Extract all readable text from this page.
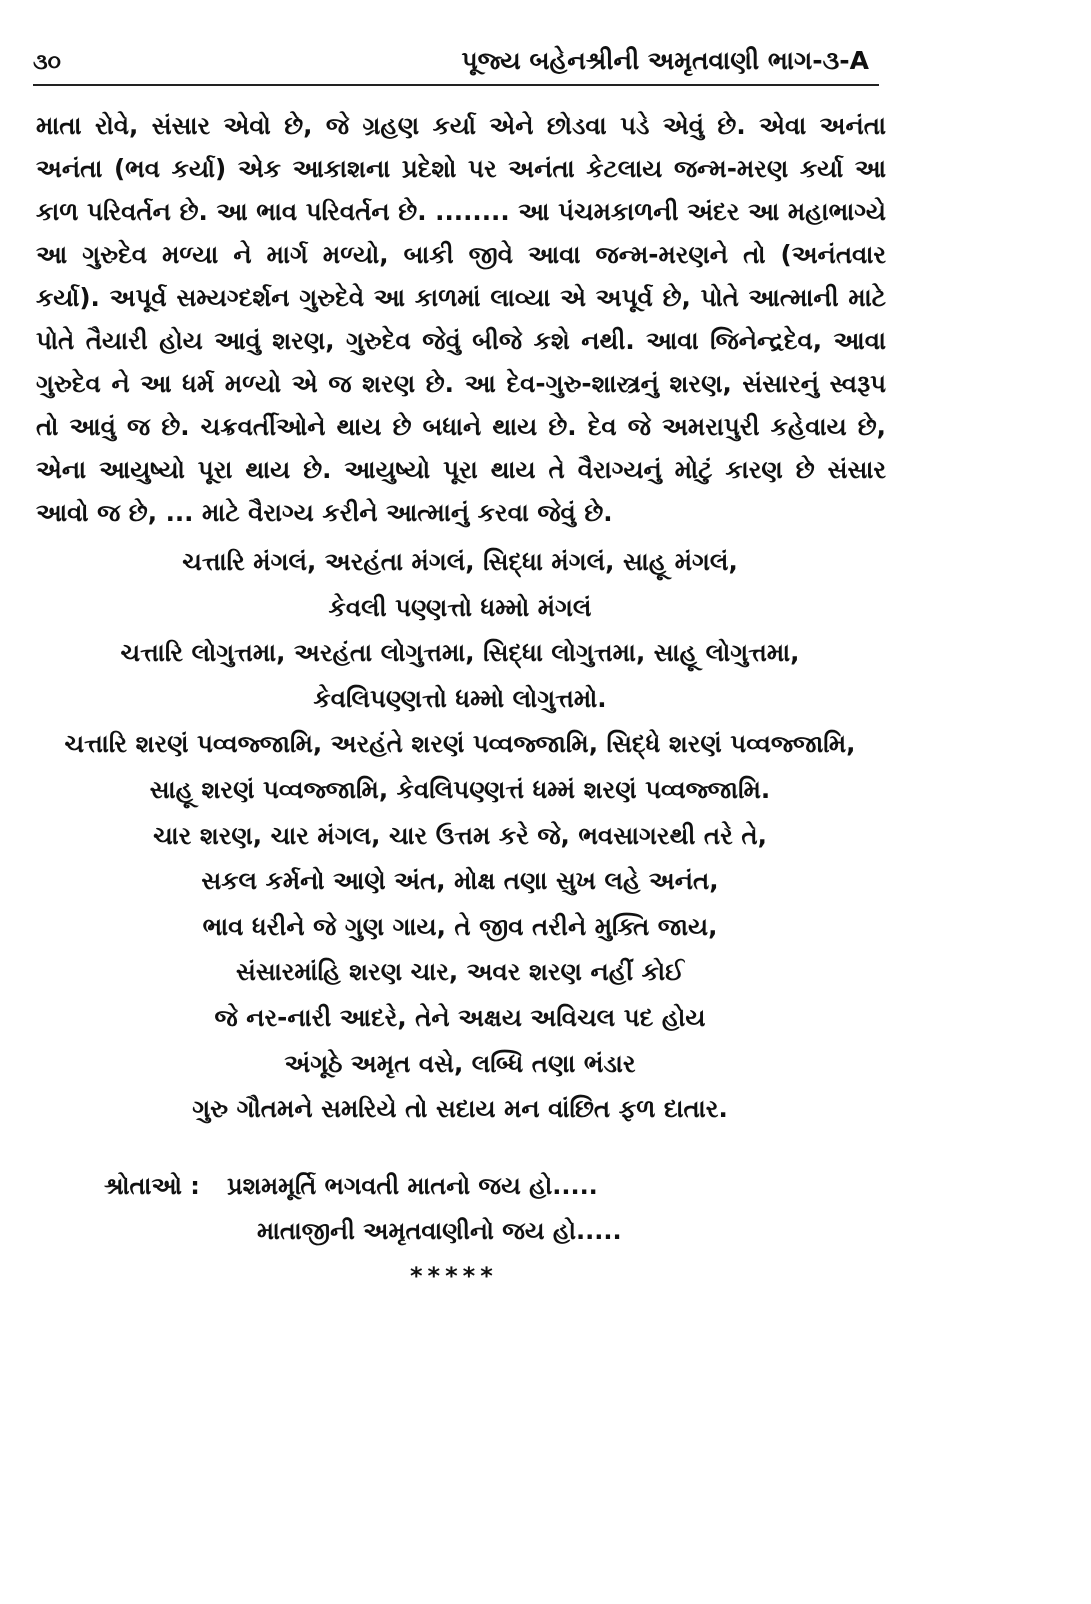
૩૦	પૂજ્ય બહેનશ્રીની અમૃતવાણી ભાગ-૩-A

માતા રોવે, સંસાર એવો છે, જે ગ્રહણ કર્યા એને છોડવા પડે એવું છે. એવા અનંતા અનંતા (ભવ કર્યા) એક આકાશના પ્રદેશો પર અનંતા કેટલાય જન્મ-મરણ કર્યા આ કાળ પરિવર્તન છે. આ ભાવ પરિવર્તન છે. ........ આ પંચમકાળની અંદર આ મહાભાગ્યે આ ગુરુદેવ મળ્યા ને માર્ગ મળ્યો, બાકી જીવે આવા જન્મ-મરણને તો (અનંતવાર કર્યા). અપૂર્વ સમ્યગ્દર્શન ગુરુદેવે આ કાળમાં લાવ્યા એ અપૂર્વ છે, પોતે આત્માની માટે પોતે તૈયારી હોય આવું શરણ, ગુરુદેવ જેવું બીજે કશે નથી. આવા જિનેન્દ્રદેવ, આવા ગુરુદેવ ને આ ધર્મ મળ્યો એ જ શરણ છે. આ દેવ-ગુરુ-શાસ્ત્રનું શરણ, સંસારનું સ્વરૂપ તો આવું જ છે. ચક્રવર્તીઓને થાય છે બધાને થાય છે. દેવ જે અમરાપુરી કહેવાય છે, એના આયુષ્યો પૂરા થાય છે. આયુષ્યો પૂરા થાય તે વૈરાગ્યનું મોટું કારણ છે સંસાર આવો જ છે, ... માટે વૈરાગ્ય કરીને આત્માનું કરવા જેવું છે.

ચત્તારિ મંગલં, અરહંતા મંગલં, સિદ્ધા મંગલં, સાહૂ મંગલં,
કેવલી પણ્ણત્તો ધમ્મો મંગલં
ચત્તારિ લોગુત્તમા, અરહંતા લોગુત્તમા, સિદ્ધા લોગુત્તમા, સાહૂ લોગુત્તમા,
કેવલિપણ્ણત્તો ધમ્મો લોગુત્તમો.
ચત્તારિ શરણં પવ્વજ્જામિ, અરહંતે શરણં પવ્વજ્જામિ, સિદ્ધે શરણં પવ્વજ્જામિ,
સાહૂ શરણં પવ્વજ્જામિ, કેવલિપણ્ણત્તં ધમ્મં શરણં પવ્વજ્જામિ.
ચાર શરણ, ચાર મંગલ, ચાર ઉત્તમ કરે જે, ભવસાગરથી તરે તે,
સકલ કર્મનો આણે અંત, મોક્ષ તણા સુખ લહે અનંત,
ભાવ ધરીને જે ગુણ ગાય, તે જીવ તરીને મુક્તિ જાય,
સંસારમાંહિ શરણ ચાર, અવર શરણ નહીં કોઈ
જે નર-નારી આદરે, તેને અક્ષય અવિચલ પદ હોય
અંગૂઠે અમૃત વસે, લબ્ધિ તણા ભંડાર
ગુરુ ગૌતમને સમરિયે તો સદાય મન વાંછિત ફળ દાતાર.
શ્રોતાઓ : પ્રશમમૂર્તિ ભગવતી માતનો જય હો.....
માતાજીની અમૃતવાણીનો જય હો.....
*****
